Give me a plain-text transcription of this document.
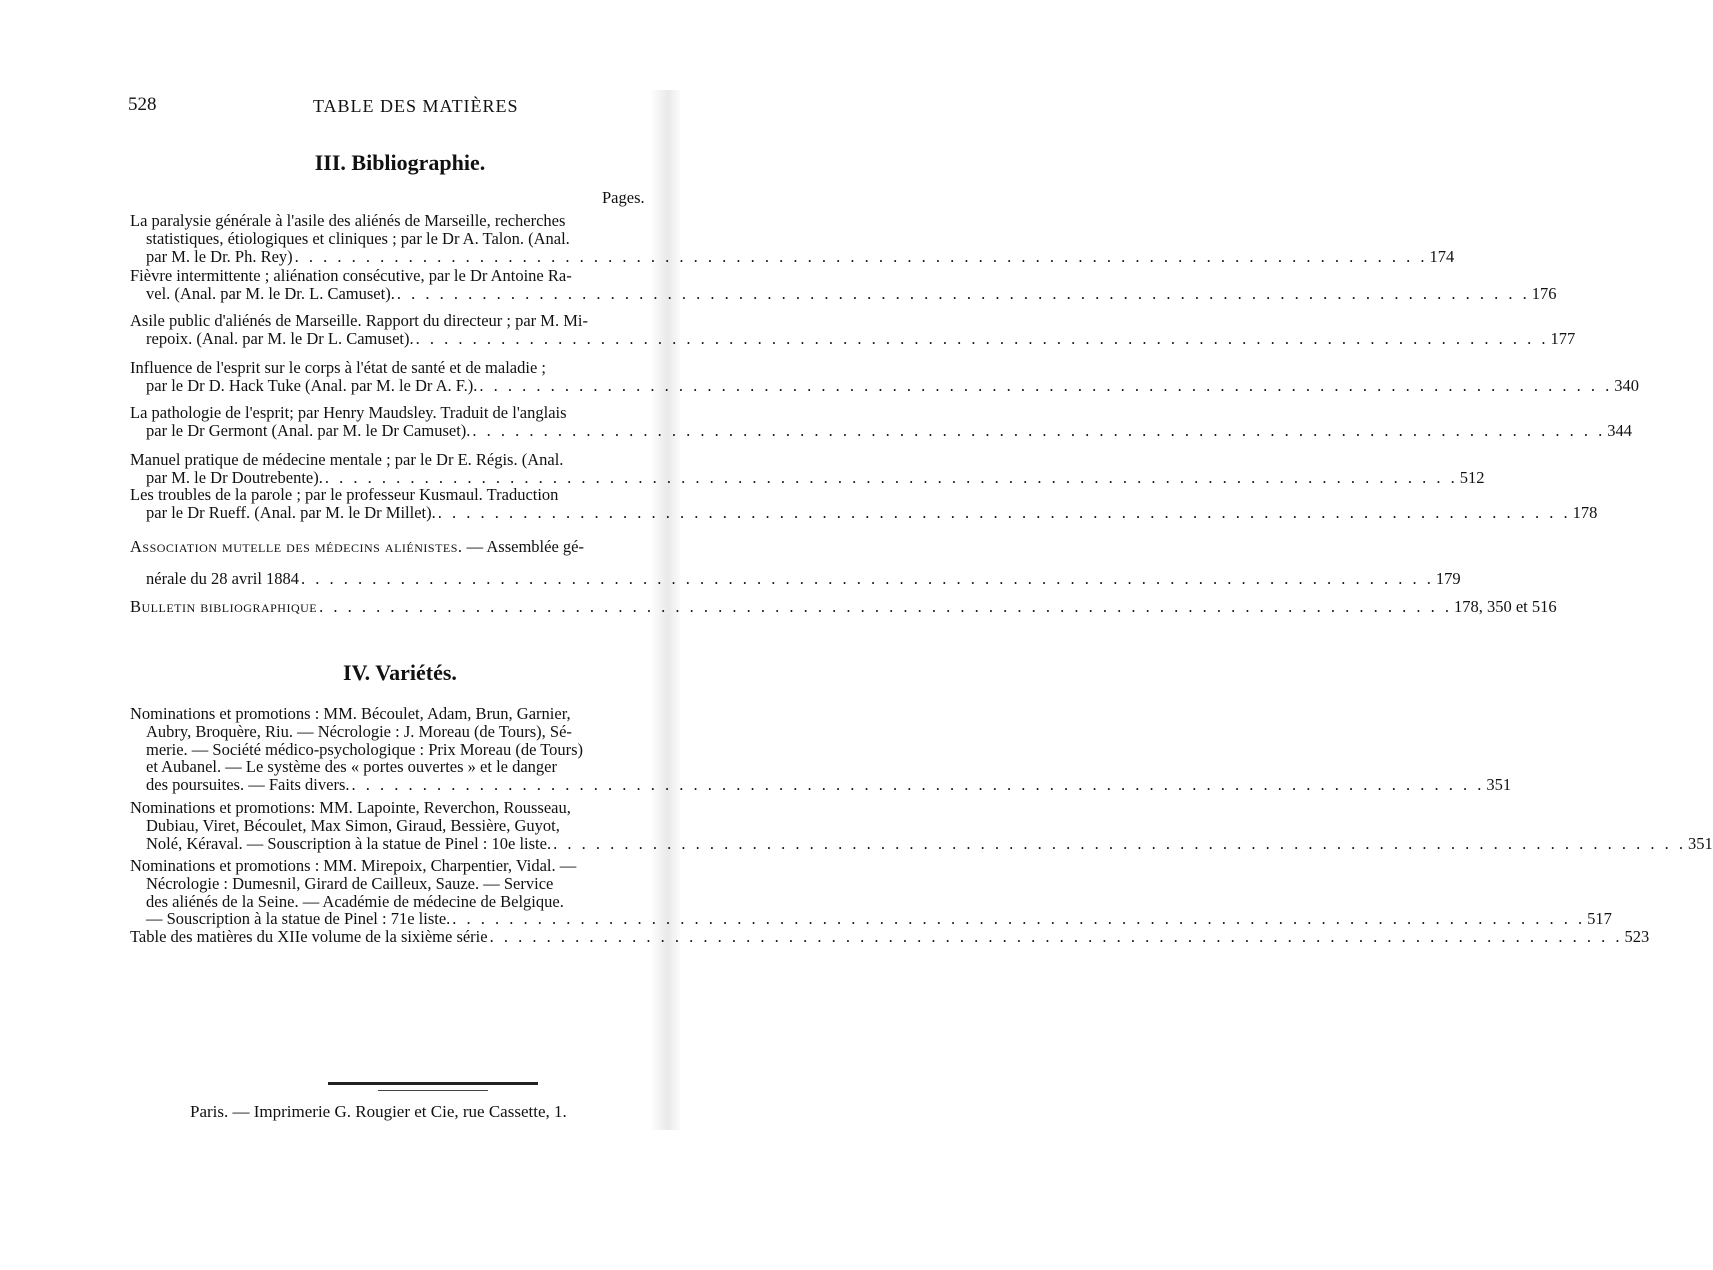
528	TABLE DES MATIÈRES
III. Bibliographie.
Pages.
La paralysie générale à l'asile des aliénés de Marseille, recherches
statistiques, étiologiques et cliniques ; par le Dr A. Talon. (Anal.
par M. le Dr. Ph. Rey) . . .	174
Fièvre intermittente ; aliénation consécutive, par le Dr Antoine Ra-
vel. (Anal. par M. le Dr. L. Camuset). . . .	176
Asile public d'aliénés de Marseille. Rapport du directeur ; par M. Mi-
repoix. (Anal. par M. le Dr L. Camuset). . . .	177
Influence de l'esprit sur le corps à l'état de santé et de maladie ;
par le Dr D. Hack Tuke (Anal. par M. le Dr A. F.). . . .	340
La pathologie de l'esprit; par Henry Maudsley. Traduit de l'anglais
par le Dr Germont (Anal. par M. le Dr Camuset). . . .	344
Manuel pratique de médecine mentale ; par le Dr E. Régis. (Anal.
par M. le Dr Doutrebente). . . .	512
Les troubles de la parole ; par le professeur Kusmaul. Traduction
par le Dr Rueff. (Anal. par M. le Dr Millet). . . .	178
Association mutelle des médecins aliénistes. — Assemblée gé-
nérale du 28 avril 1884 . . .	179
Bulletin bibliographique . . .	178, 350 et 516
IV. Variétés.
Nominations et promotions : MM. Bécoulet, Adam, Brun, Garnier,
Aubry, Broquère, Riu. — Nécrologie : J. Moreau (de Tours), Sé-
merie. — Société médico-psychologique : Prix Moreau (de Tours)
et Aubanel. — Le système des « portes ouvertes » et le danger
des poursuites. — Faits divers. . . .	351
Nominations et promotions: MM. Lapointe, Reverchon, Rousseau,
Dubiau, Viret, Bécoulet, Max Simon, Giraud, Bessière, Guyot,
Nolé, Kéraval. — Souscription à la statue de Pinel : 10e liste. . . .	351
Nominations et promotions : MM. Mirepoix, Charpentier, Vidal. —
Nécrologie : Dumesnil, Girard de Cailleux, Sauze. — Service
des aliénés de la Seine. — Académie de médecine de Belgique.
— Souscription à la statue de Pinel : 71e liste. . . .	517
Table des matières du XIIe volume de la sixième série . . .	523
Paris. — Imprimerie G. Rougier et Cie, rue Cassette, 1.
